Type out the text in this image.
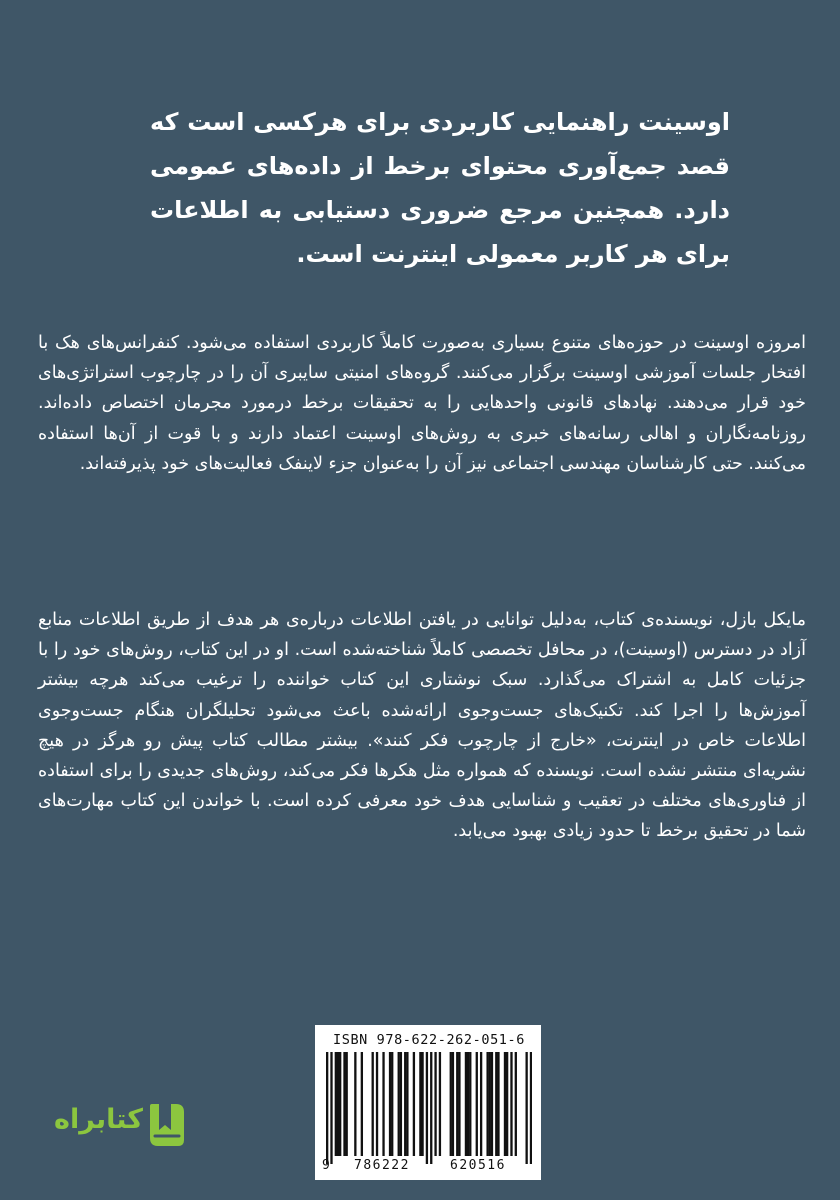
اوسینت راهنمایی کاربردی برای هرکسی است که قصد جمع‌آوری محتوای برخط از داده‌های عمومی دارد. همچنین مرجع ضروری دستیابی به اطلاعات برای هر کاربر معمولی اینترنت است.
امروزه اوسینت در حوزه‌های متنوع بسیاری به‌صورت کاملاً کاربردی استفاده می‌شود. کنفرانس‌های هک با افتخار جلسات آموزشی اوسینت برگزار می‌کنند. گروه‌های امنیتی سایبری آن را در چارچوب استراتژی‌های خود قرار می‌دهند. نهادهای قانونی واحدهایی را به تحقیقات برخط درمورد مجرمان اختصاص داده‌اند. روزنامه‌نگاران و اهالی رسانه‌های خبری به روش‌های اوسینت اعتماد دارند و با قوت از آن‌ها استفاده می‌کنند. حتی کارشناسان مهندسی اجتماعی نیز آن را به‌عنوان جزء لاینفک فعالیت‌های خود پذیرفته‌اند.
مایکل بازل، نویسنده‌ی کتاب، به‌دلیل توانایی در یافتن اطلاعات درباره‌ی هر هدف از طریق اطلاعات منابع آزاد در دسترس (اوسینت)، در محافل تخصصی کاملاً شناخته‌شده است. او در این کتاب، روش‌های خود را با جزئیات کامل به اشتراک می‌گذارد. سبک نوشتاری این کتاب خواننده را ترغیب می‌کند هرچه بیشتر آموزش‌ها را اجرا کند. تکنیک‌های جست‌وجوی ارائه‌شده باعث می‌شود تحلیلگران هنگام جست‌وجوی اطلاعات خاص در اینترنت، «خارج از چارچوب فکر کنند». بیشتر مطالب کتاب پیش رو هرگز در هیچ نشریه‌ای منتشر نشده است. نویسنده که همواره مثل هکرها فکر می‌کند، روش‌های جدیدی را برای استفاده از فناوری‌های مختلف در تعقیب و شناسایی هدف خود معرفی کرده است. با خواندن این کتاب مهارت‌های شما در تحقیق برخط تا حدود زیادی بهبود می‌یابد.
ISBN 978-622-262-051-6
9 786222	620516
کتابراه
